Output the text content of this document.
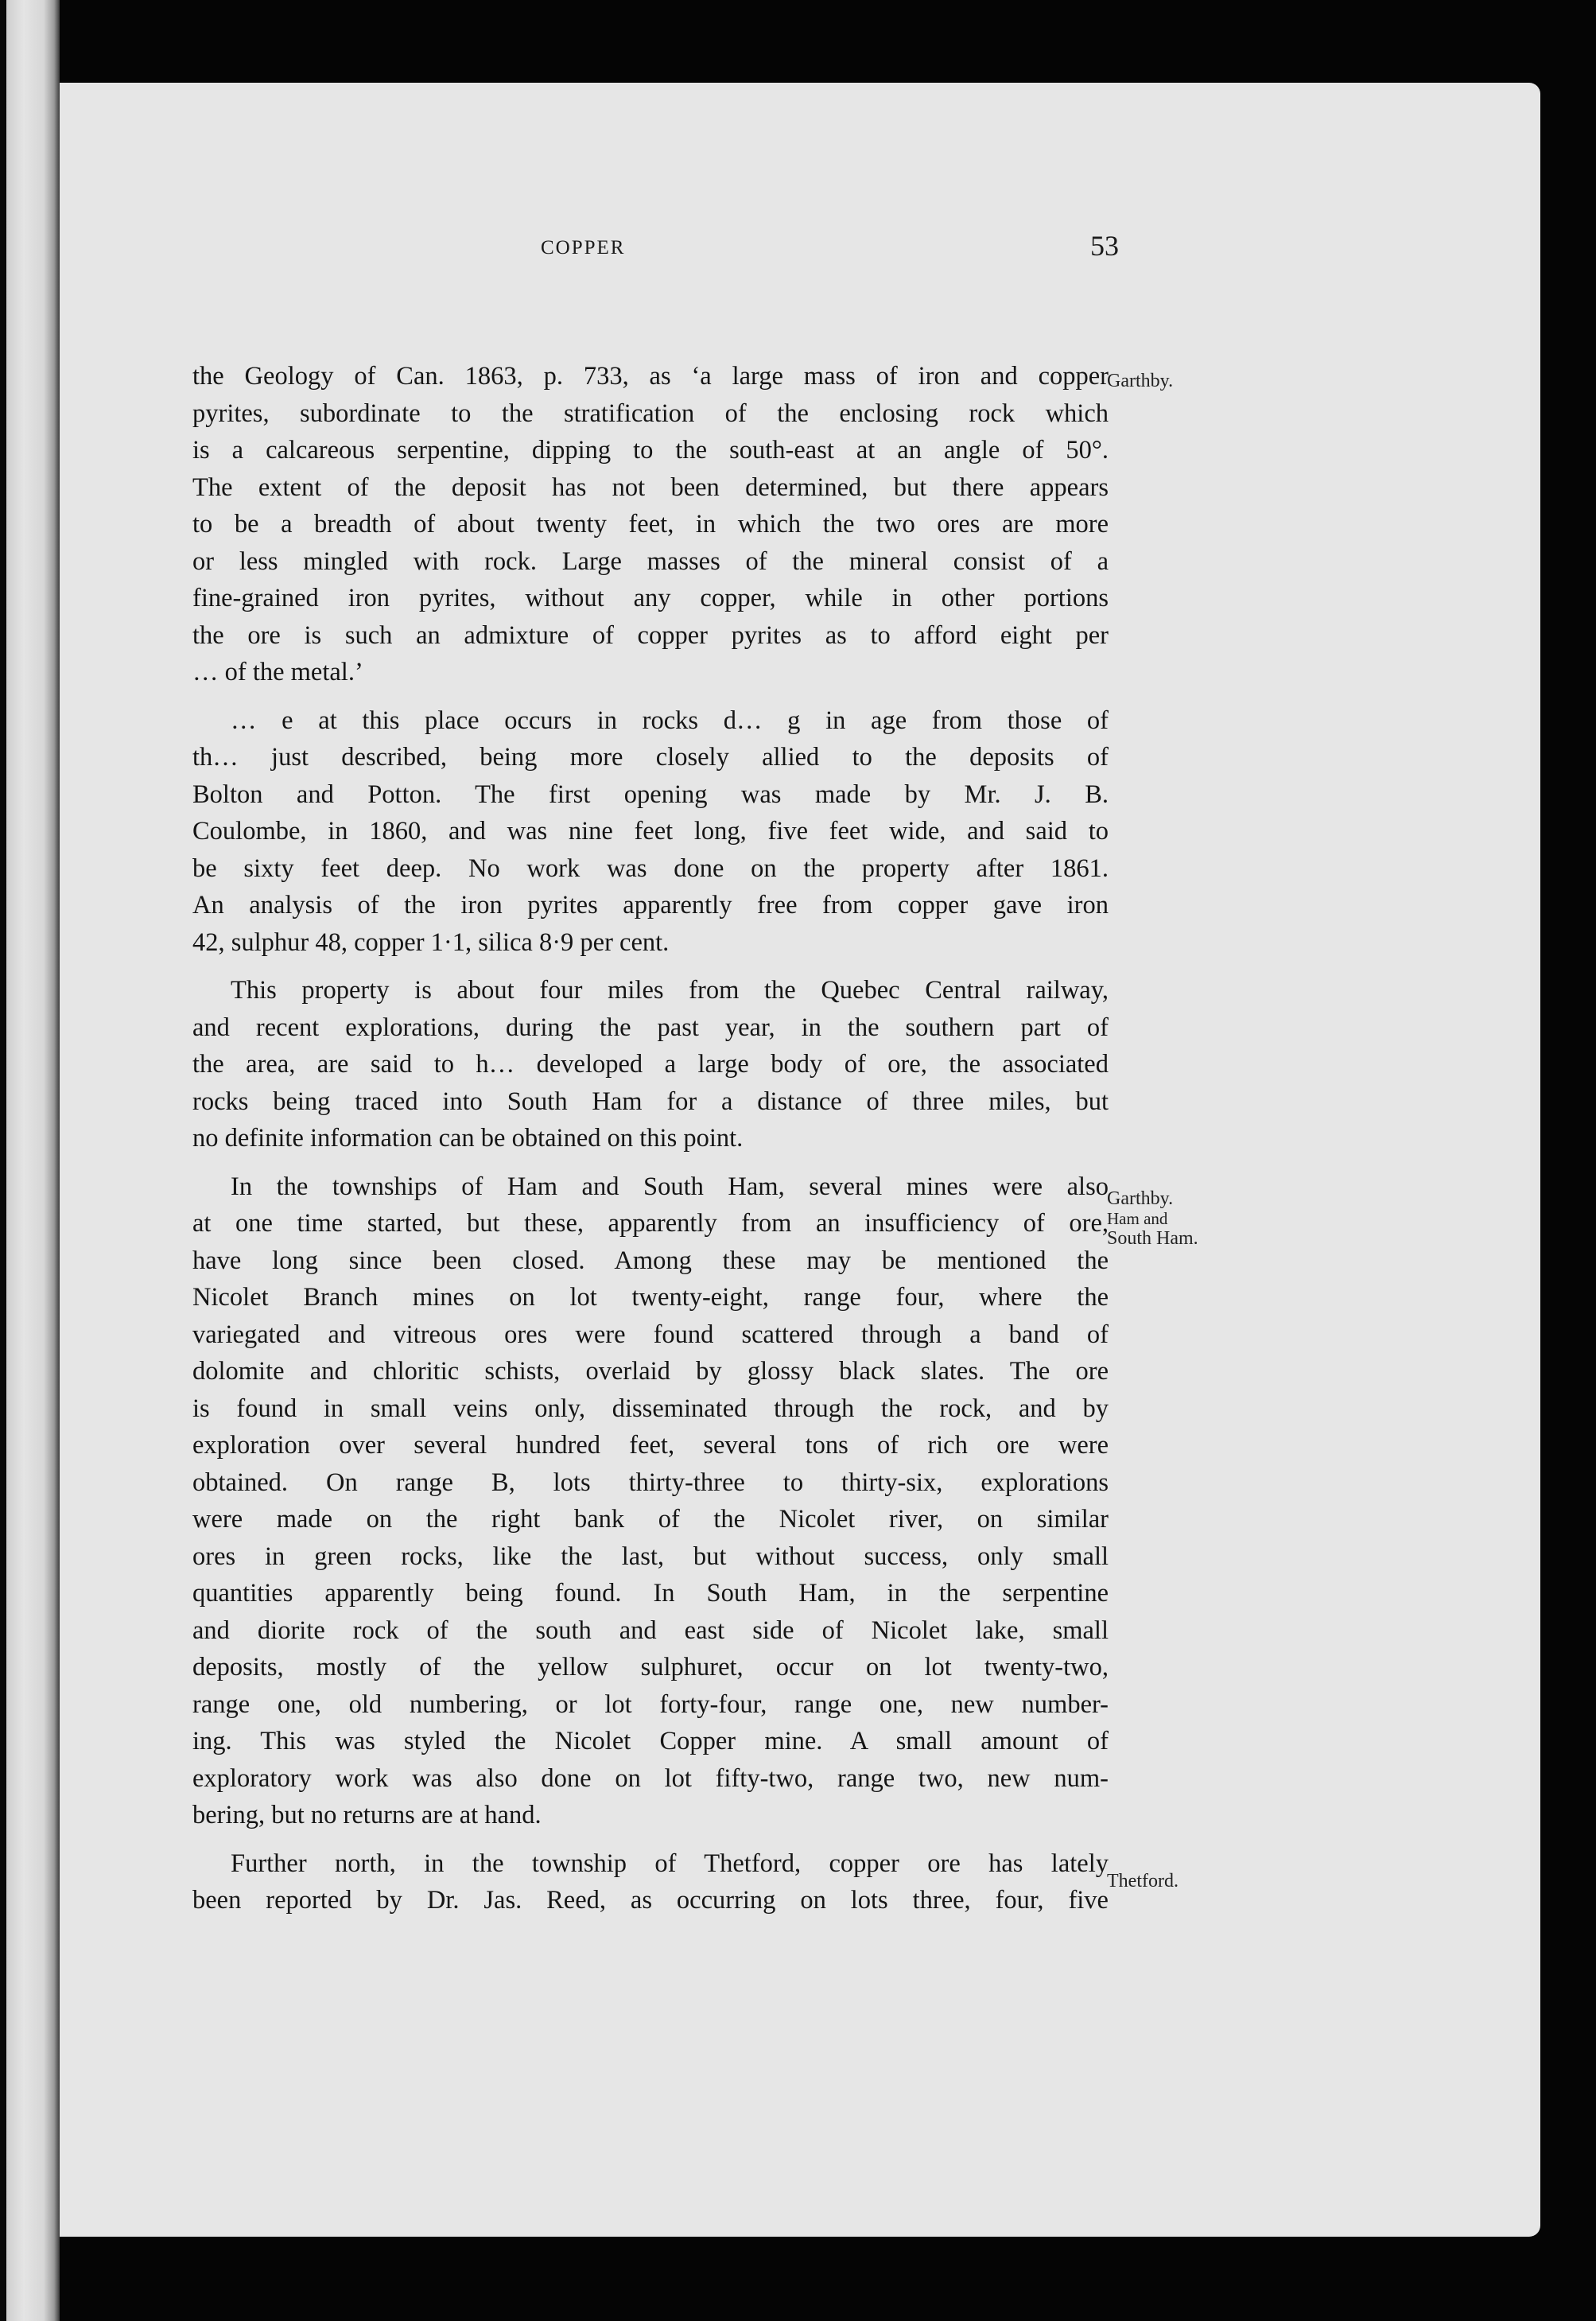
COPPER	53

the Geology of Can. 1863, p. 733, as ‘a large mass of iron and copper
pyrites, subordinate to the stratification of the enclosing rock which
is a calcareous serpentine, dipping to the south-east at an angle of 50°.
The extent of the deposit has not been determined, but there appears
to be a breadth of about twenty feet, in which the two ores are more
or less mingled with rock. Large masses of the mineral consist of a
fine-grained iron pyrites, without any copper, while in other portions
the ore is such an admixture of copper pyrites as to afford eight per
… of the metal.’

… e at this place occurs in rocks d… g in age from those of
th… just described, being more closely allied to the deposits of
Bolton and Potton. The first opening was made by Mr. J. B.
Coulombe, in 1860, and was nine feet long, five feet wide, and said to
be sixty feet deep. No work was done on the property after 1861.
An analysis of the iron pyrites apparently free from copper gave iron
42, sulphur 48, copper 1·1, silica 8·9 per cent.

This property is about four miles from the Quebec Central railway,
and recent explorations, during the past year, in the southern part of
the area, are said to h… developed a large body of ore, the associated
rocks being traced into South Ham for a distance of three miles, but
no definite information can be obtained on this point.

In the townships of Ham and South Ham, several mines were also
at one time started, but these, apparently from an insufficiency of ore,
have long since been closed. Among these may be mentioned the
Nicolet Branch mines on lot twenty-eight, range four, where the
variegated and vitreous ores were found scattered through a band of
dolomite and chloritic schists, overlaid by glossy black slates. The ore
is found in small veins only, disseminated through the rock, and by
exploration over several hundred feet, several tons of rich ore were
obtained. On range B, lots thirty-three to thirty-six, explorations
were made on the right bank of the Nicolet river, on similar
ores in green rocks, like the last, but without success, only small
quantities apparently being found. In South Ham, in the serpentine
and diorite rock of the south and east side of Nicolet lake, small
deposits, mostly of the yellow sulphuret, occur on lot twenty-two,
range one, old numbering, or lot forty-four, range one, new number-
ing. This was styled the Nicolet Copper mine. A small amount of
exploratory work was also done on lot fifty-two, range two, new num-
bering, but no returns are at hand.

Further north, in the township of Thetford, copper ore has lately
been reported by Dr. Jas. Reed, as occurring on lots three, four, five

Garthby.
Garthby.
Ham and
South Ham.
Thetford.
